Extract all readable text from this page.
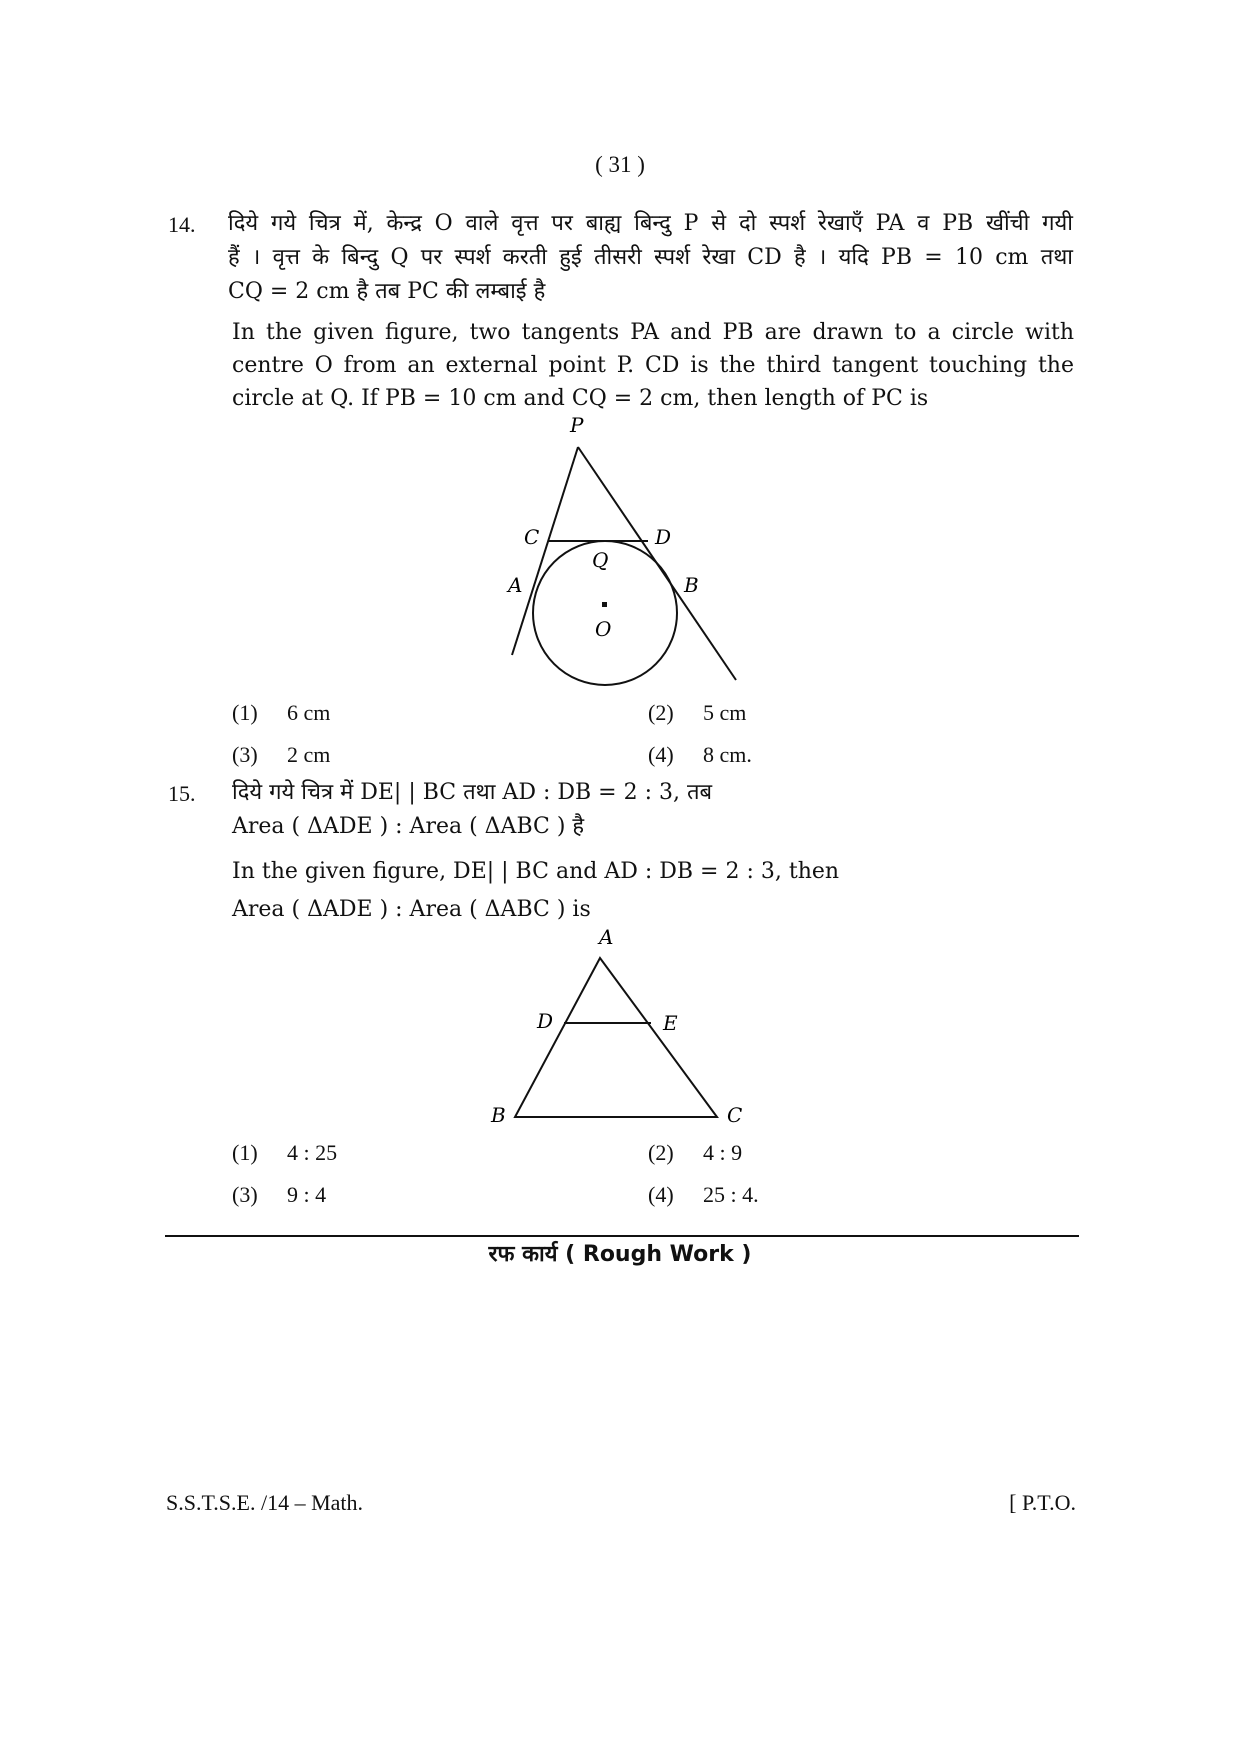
( 31 )
14. दिये गये चित्र में, केन्द्र O वाले वृत्त पर बाह्य बिन्दु P से दो स्पर्श रेखाएँ PA व PB खींची गयी
हैं । वृत्त के बिन्दु Q पर स्पर्श करती हुई तीसरी स्पर्श रेखा CD है । यदि PB = 10 cm तथा
CQ = 2 cm है तब PC की लम्बाई है
In the given figure, two tangents PA and PB are drawn to a circle with
centre O from an external point P. CD is the third tangent touching the
circle at Q. If PB = 10 cm and CQ = 2 cm, then length of PC is
P
C	D
Q
A	B
O
(1) 6 cm	(2) 5 cm
(3) 2 cm	(4) 8 cm.
15. दिये गये चित्र में DE| | BC तथा AD : DB = 2 : 3, तब
Area ( ΔADE ) : Area ( ΔABC ) है
In the given figure, DE| | BC and AD : DB = 2 : 3, then
Area ( ΔADE ) : Area ( ΔABC ) is
A
D	E
B	C
(1) 4 : 25	(2) 4 : 9
(3) 9 : 4	(4) 25 : 4.
रफ कार्य ( Rough Work )
S.S.T.S.E. /14 – Math.	[ P.T.O.
